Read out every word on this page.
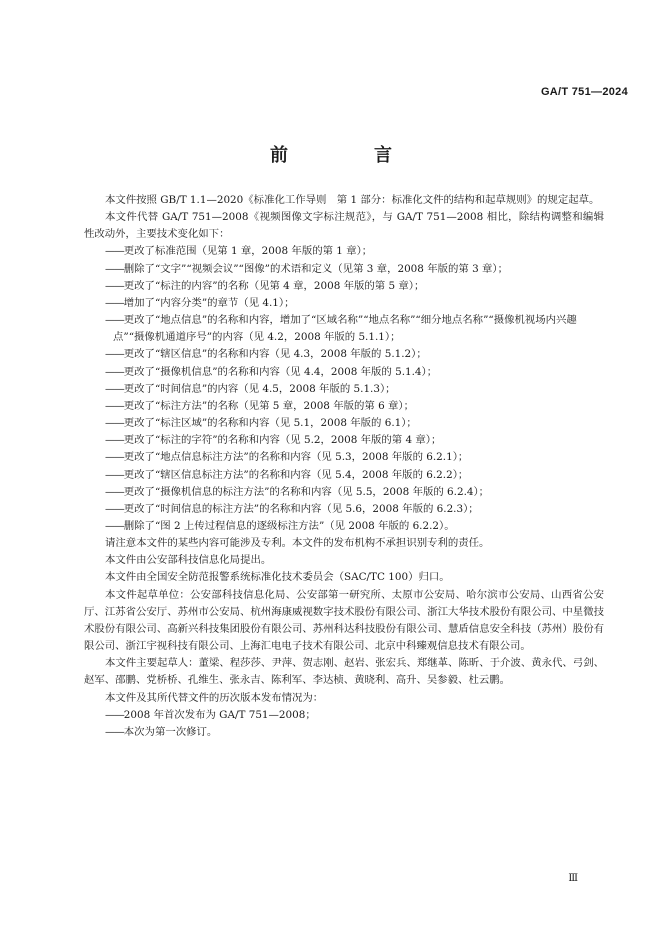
GA/T 751—2024
前　言

本文件按照 GB/T 1.1—2020《标准化工作导则　第 1 部分：标准化文件的结构和起草规则》的规定起草。

本文件代替 GA/T 751—2008《视频图像文字标注规范》，与 GA/T 751—2008 相比，除结构调整和编辑性改动外，主要技术变化如下：

——更改了标准范围（见第 1 章，2008 年版的第 1 章）；

——删除了“文字”“视频会议”“图像”的术语和定义（见第 3 章，2008 年版的第 3 章）；

——更改了“标注的内容”的名称（见第 4 章，2008 年版的第 5 章）；

——增加了“内容分类”的章节（见 4.1）；

——更改了“地点信息”的名称和内容，增加了“区域名称”“地点名称”“细分地点名称”“摄像机视场内兴趣点”“摄像机通道序号”的内容（见 4.2，2008 年版的 5.1.1）；

——更改了“辖区信息”的名称和内容（见 4.3，2008 年版的 5.1.2）；

——更改了“摄像机信息”的名称和内容（见 4.4，2008 年版的 5.1.4）；

——更改了“时间信息”的内容（见 4.5，2008 年版的 5.1.3）；

——更改了“标注方法”的名称（见第 5 章，2008 年版的第 6 章）；

——更改了“标注区域”的名称和内容（见 5.1，2008 年版的 6.1）；

——更改了“标注的字符”的名称和内容（见 5.2，2008 年版的第 4 章）；

——更改了“地点信息标注方法”的名称和内容（见 5.3，2008 年版的 6.2.1）；

——更改了“辖区信息标注方法”的名称和内容（见 5.4，2008 年版的 6.2.2）；

——更改了“摄像机信息的标注方法”的名称和内容（见 5.5，2008 年版的 6.2.4）；

——更改了“时间信息的标注方法”的名称和内容（见 5.6，2008 年版的 6.2.3）；

——删除了“图 2 上传过程信息的逐级标注方法”（见 2008 年版的 6.2.2）。

请注意本文件的某些内容可能涉及专利。本文件的发布机构不承担识别专利的责任。

本文件由公安部科技信息化局提出。

本文件由全国安全防范报警系统标准化技术委员会（SAC/TC 100）归口。

本文件起草单位：公安部科技信息化局、公安部第一研究所、太原市公安局、哈尔滨市公安局、山西省公安厅、江苏省公安厅、苏州市公安局、杭州海康威视数字技术股份有限公司、浙江大华技术股份有限公司、中星微技术股份有限公司、高新兴科技集团股份有限公司、苏州科达科技股份有限公司、慧盾信息安全科技（苏州）股份有限公司、浙江宇视科技有限公司、上海汇电电子技术有限公司、北京中科臻观信息技术有限公司。

本文件主要起草人：董梁、程莎莎、尹萍、贺志刚、赵岩、张宏兵、郑继革、陈昕、于介波、黄永代、弓剑、赵军、邵鹏、党桥桥、孔维生、张永吉、陈利军、李达桢、黄晓利、高升、吴参毅、杜云鹏。

本文件及其所代替文件的历次版本发布情况为：

——2008 年首次发布为 GA/T 751—2008；

——本次为第一次修订。

Ⅲ
